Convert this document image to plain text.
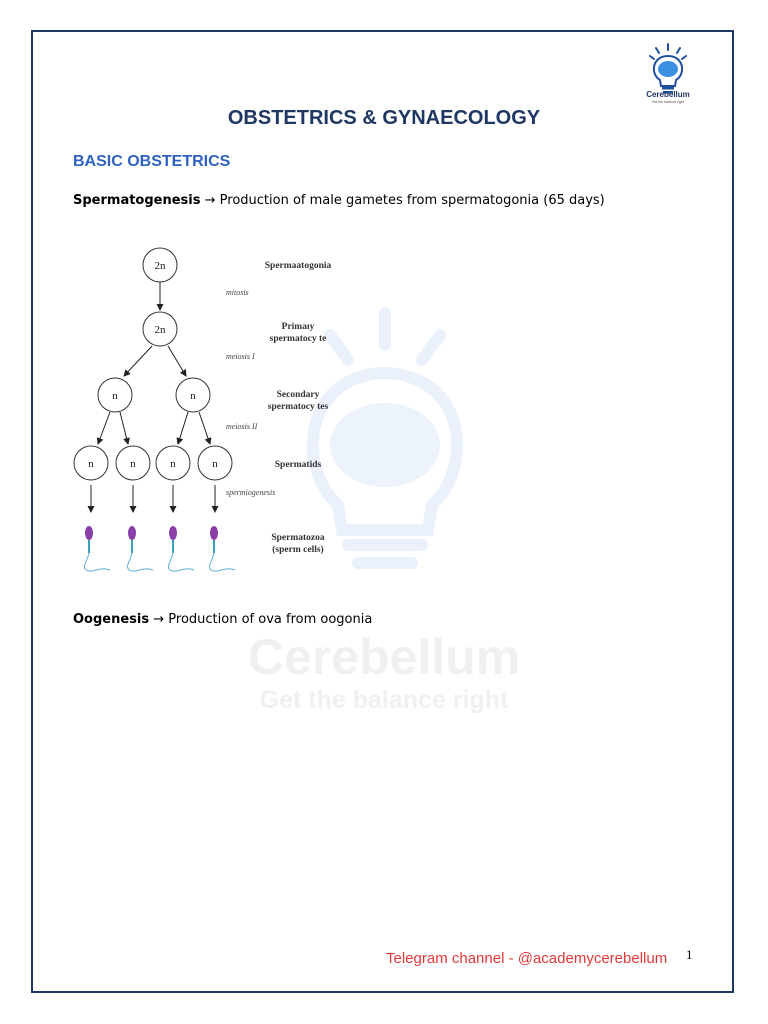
Cerebellum
Get the balance right
Cerebellum
Get the balance right
OBSTETRICS & GYNAECOLOGY
BASIC OBSTETRICS
Spermatogenesis → Production of male gametes from spermatogonia (65 days)
2n
2n
n	n
n	n	n	n
mitosis
meiosis I
meiosis II
spermiogenesis
Spermaatogonia
Primaıy
spermatocy te
Secondary
spermatocy tes
Spermatids
Spermatozoa
(sperm cells)
Oogenesis → Production of ova from oogonia
Telegram channel - @academycerebellum 1
